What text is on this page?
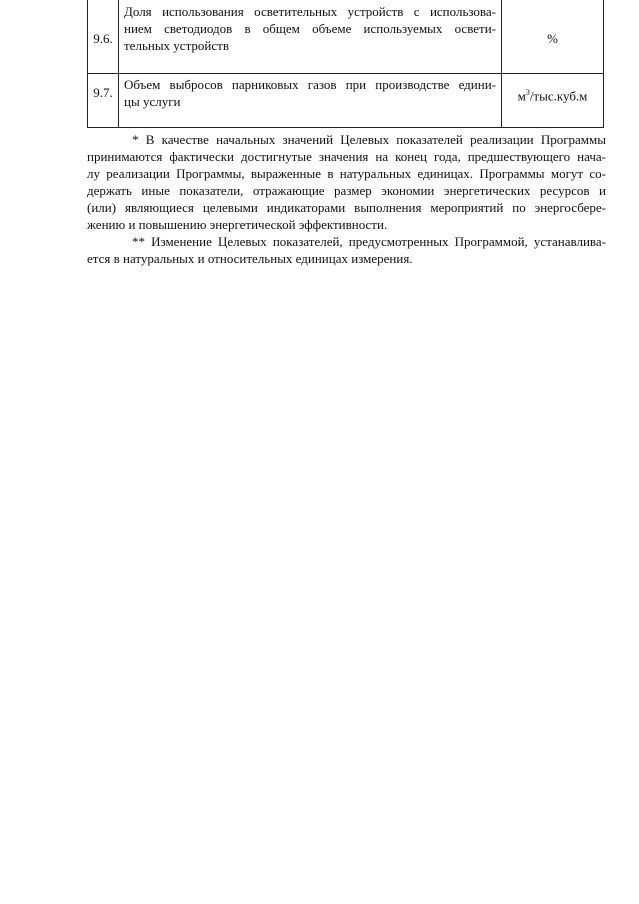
9.6.	Доля использования осветительных устройств с использова-
нием светодиодов в общем объеме используемых освети-
тельных устройств	%
9.7.	Объем выбросов парниковых газов при производстве едини-
цы услуги	$м^3/тыс.куб.м$
* В качестве начальных значений Целевых показателей реализации Программы
принимаются фактически достигнутые значения на конец года, предшествующего нача-
лу реализации Программы, выраженные в натуральных единицах. Программы могут со-
держать иные показатели, отражающие размер экономии энергетических ресурсов и
(или) являющиеся целевыми индикаторами выполнения мероприятий по энергосбере-
жению и повышению энергетической эффективности.
** Изменение Целевых показателей, предусмотренных Программой, устанавлива-
ется в натуральных и относительных единицах измерения.
